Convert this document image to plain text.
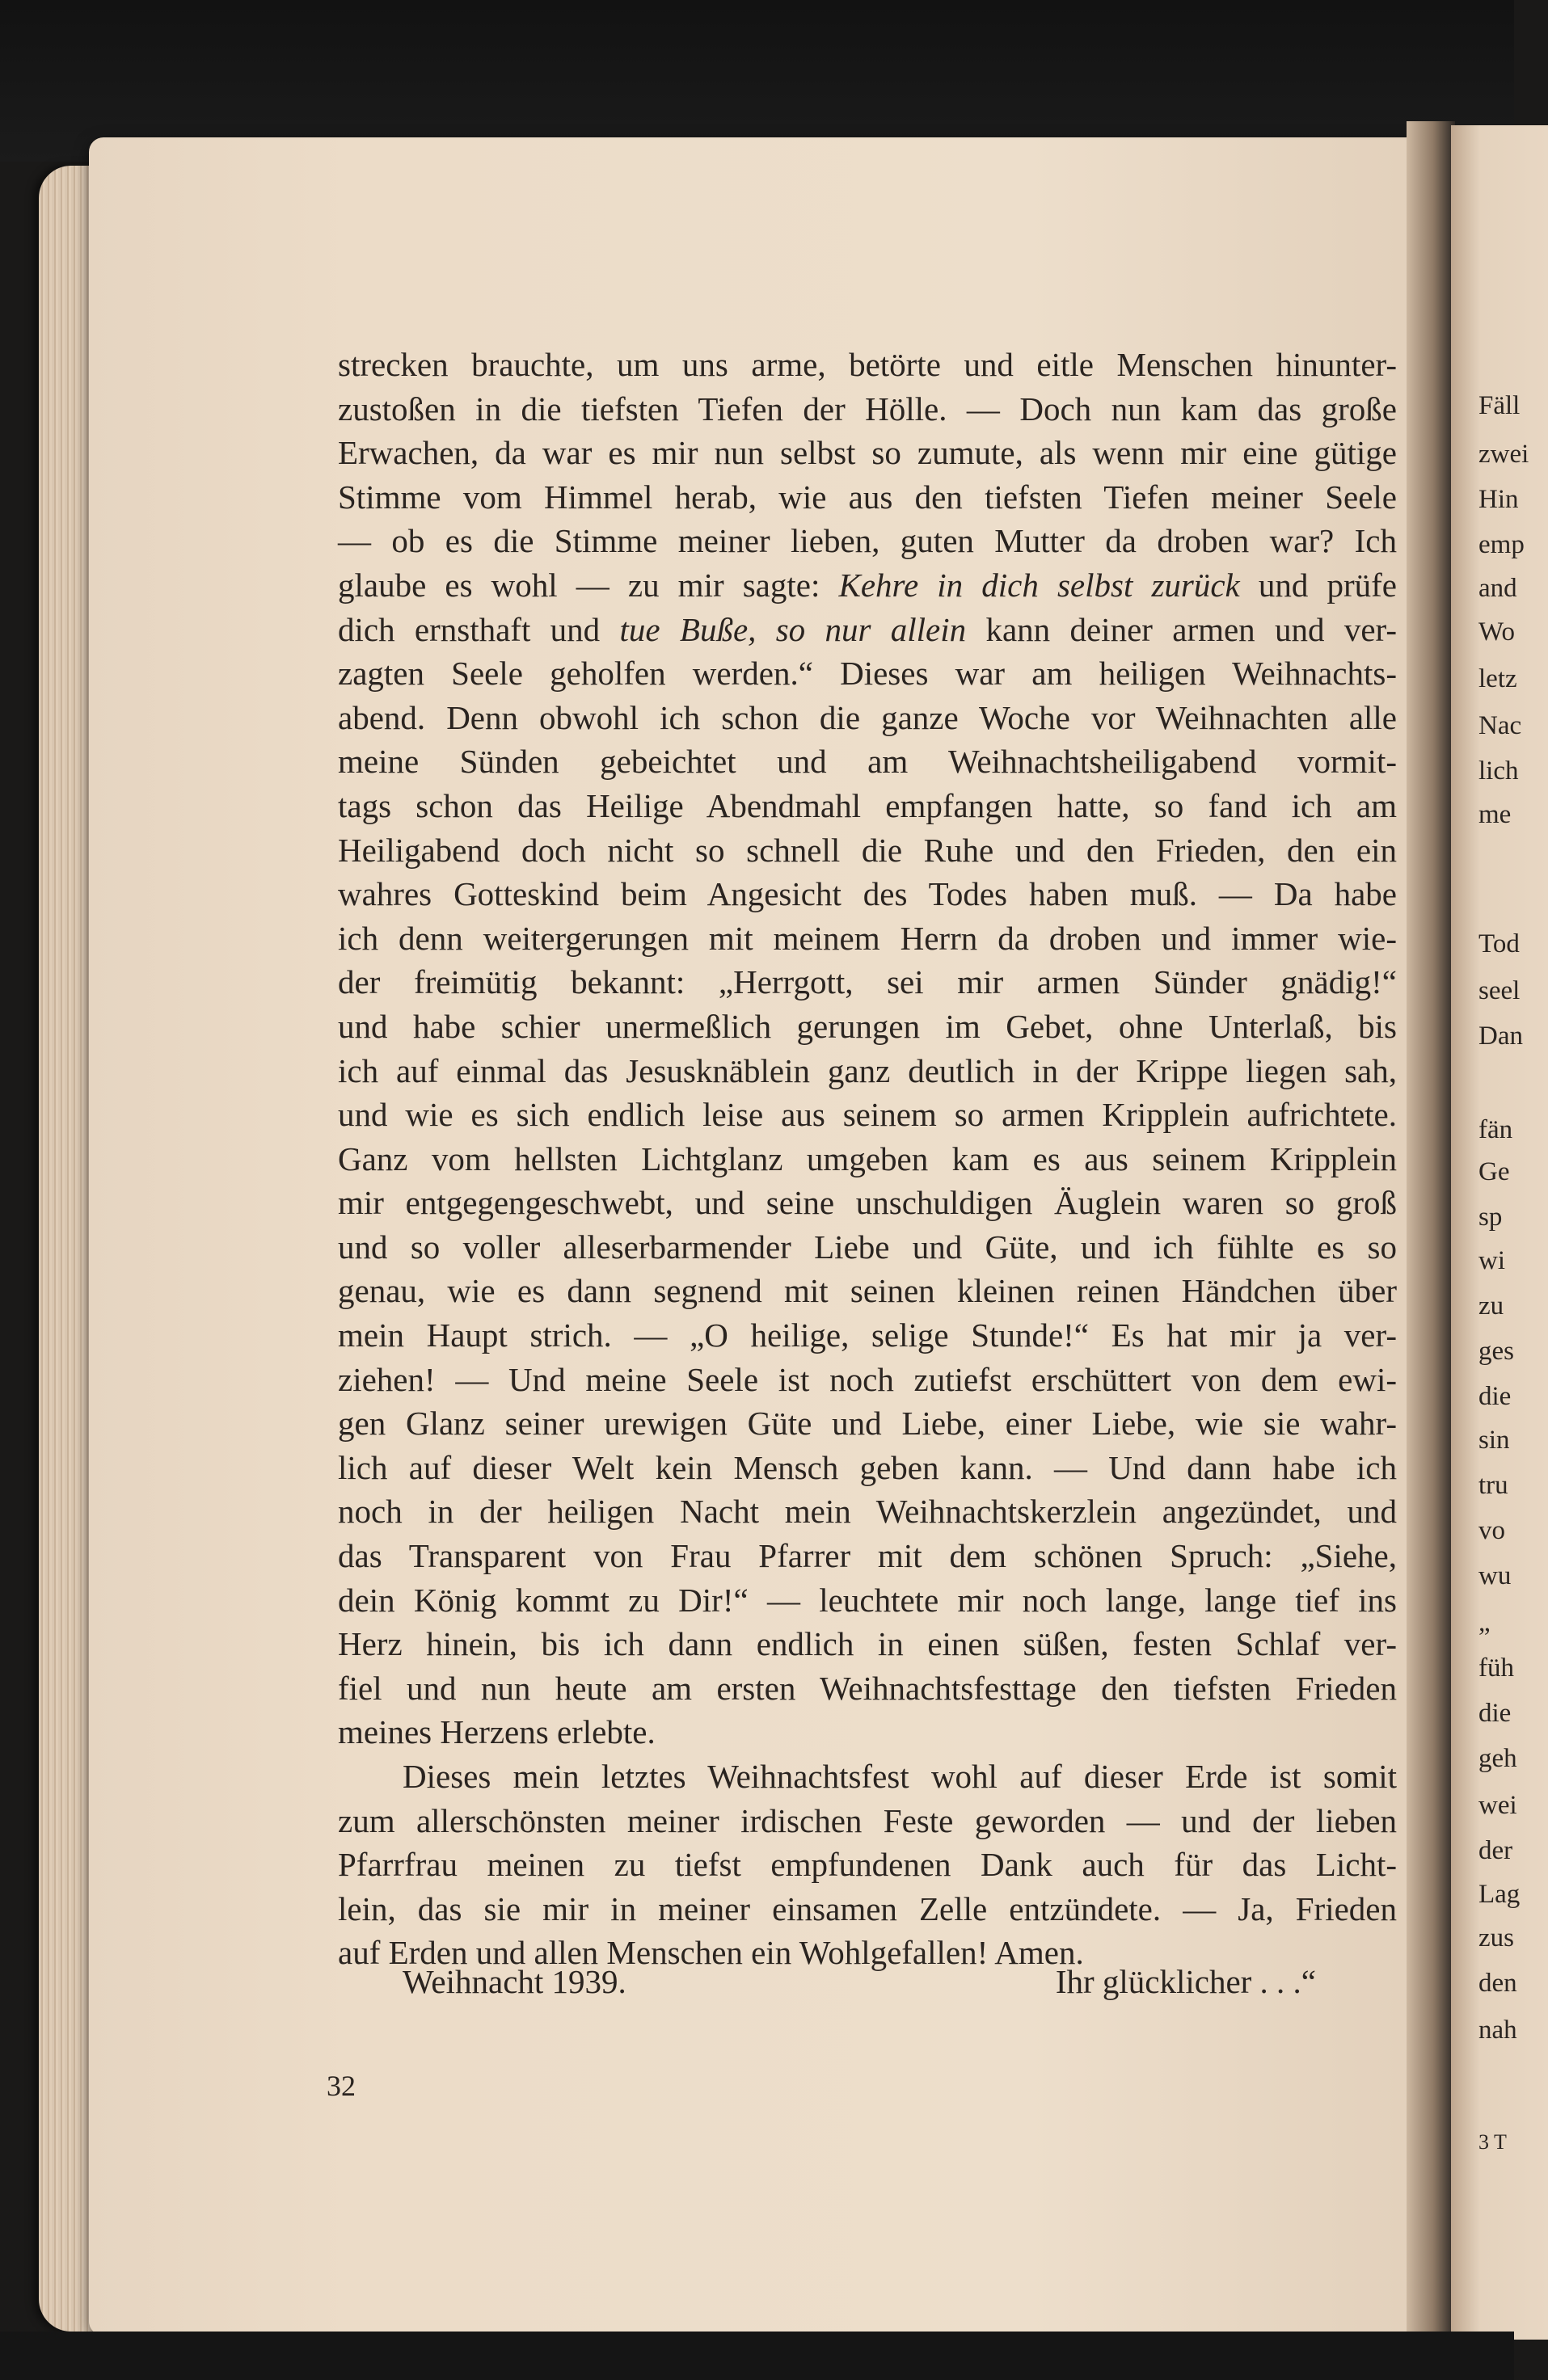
strecken brauchte, um uns arme, betörte und eitle Menschen hinunter-
zustoßen in die tiefsten Tiefen der Hölle. — Doch nun kam das große
Erwachen, da war es mir nun selbst so zumute, als wenn mir eine gütige
Stimme vom Himmel herab, wie aus den tiefsten Tiefen meiner Seele
— ob es die Stimme meiner lieben, guten Mutter da droben war? Ich
glaube es wohl — zu mir sagte: Kehre in dich selbst zurück und prüfe
dich ernsthaft und tue Buße, so nur allein kann deiner armen und ver-
zagten Seele geholfen werden.“ Dieses war am heiligen Weihnachts-
abend. Denn obwohl ich schon die ganze Woche vor Weihnachten alle
meine Sünden gebeichtet und am Weihnachtsheiligabend vormit-
tags schon das Heilige Abendmahl empfangen hatte, so fand ich am
Heiligabend doch nicht so schnell die Ruhe und den Frieden, den ein
wahres Gotteskind beim Angesicht des Todes haben muß. — Da habe
ich denn weitergerungen mit meinem Herrn da droben und immer wie-
der freimütig bekannt: „Herrgott, sei mir armen Sünder gnädig!“
und habe schier unermeßlich gerungen im Gebet, ohne Unterlaß, bis
ich auf einmal das Jesusknäblein ganz deutlich in der Krippe liegen sah,
und wie es sich endlich leise aus seinem so armen Kripplein aufrichtete.
Ganz vom hellsten Lichtglanz umgeben kam es aus seinem Kripplein
mir entgegengeschwebt, und seine unschuldigen Äuglein waren so groß
und so voller alleserbarmender Liebe und Güte, und ich fühlte es so
genau, wie es dann segnend mit seinen kleinen reinen Händchen über
mein Haupt strich. — „O heilige, selige Stunde!“ Es hat mir ja ver-
ziehen! — Und meine Seele ist noch zutiefst erschüttert von dem ewi-
gen Glanz seiner urewigen Güte und Liebe, einer Liebe, wie sie wahr-
lich auf dieser Welt kein Mensch geben kann. — Und dann habe ich
noch in der heiligen Nacht mein Weihnachtskerzlein angezündet, und
das Transparent von Frau Pfarrer mit dem schönen Spruch: „Siehe,
dein König kommt zu Dir!“ — leuchtete mir noch lange, lange tief ins
Herz hinein, bis ich dann endlich in einen süßen, festen Schlaf ver-
fiel und nun heute am ersten Weihnachtsfesttage den tiefsten Frieden
meines Herzens erlebte.
Dieses mein letztes Weihnachtsfest wohl auf dieser Erde ist somit
zum allerschönsten meiner irdischen Feste geworden — und der lieben
Pfarrfrau meinen zu tiefst empfundenen Dank auch für das Licht-
lein, das sie mir in meiner einsamen Zelle entzündete. — Ja, Frieden
auf Erden und allen Menschen ein Wohlgefallen! Amen.
Weihnacht 1939.	Ihr glücklicher . . .“
32
Fäll
zwei
Hin
emp
and
Wo
letz
Nac
lich
me
Tod
seel
Dan
fän
Ge
sp
wi
zu
ges
die
sin
tru
vo
wu
„
füh
die
geh
wei
der
Lag
zus
den
nah
3 T
